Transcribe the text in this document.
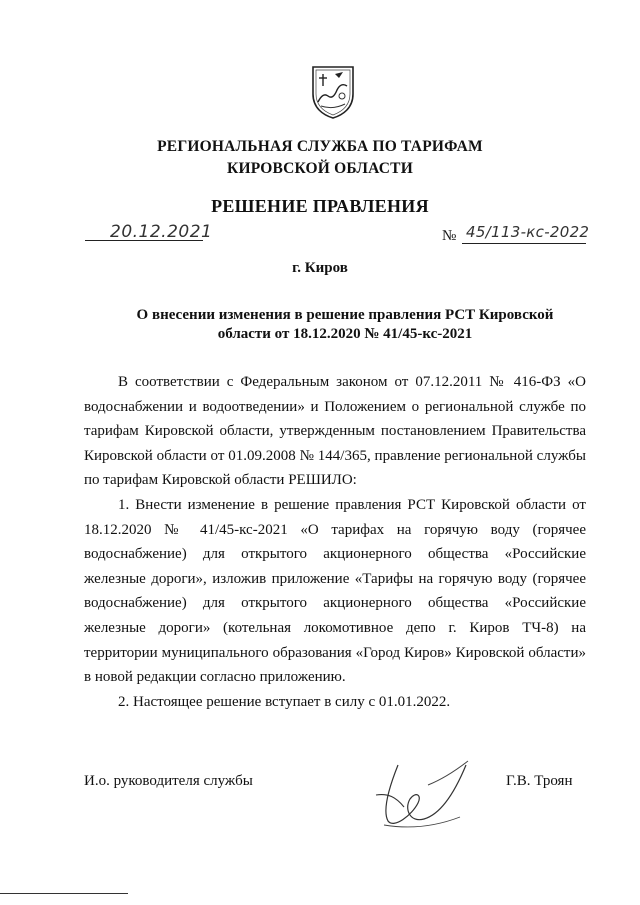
РЕГИОНАЛЬНАЯ СЛУЖБА ПО ТАРИФАМ
КИРОВСКОЙ ОБЛАСТИ
РЕШЕНИЕ ПРАВЛЕНИЯ
20.12.2021	№ 45/113-кс-2022
г. Киров
О внесении изменения в решение правления РСТ Кировской
области от 18.12.2020 № 41/45-кс-2021

В соответствии с Федеральным законом от 07.12.2011 № 416-ФЗ «О водоснабжении и водоотведении» и Положением о региональной службе по тарифам Кировской области, утвержденным постановлением Правительства Кировской области от 01.09.2008 № 144/365, правление региональной службы по тарифам Кировской области РЕШИЛО:

1. Внести изменение в решение правления РСТ Кировской области от 18.12.2020 № 41/45-кс-2021 «О тарифах на горячую воду (горячее водоснабжение) для открытого акционерного общества «Российские железные дороги», изложив приложение «Тарифы на горячую воду (горячее водоснабжение) для открытого акционерного общества «Российские железные дороги» (котельная локомотивное депо г. Киров ТЧ-8) на территории муниципального образования «Город Киров» Кировской области» в новой редакции согласно приложению.

2. Настоящее решение вступает в силу с 01.01.2022.

И.о. руководителя службы	Г.В. Троян
